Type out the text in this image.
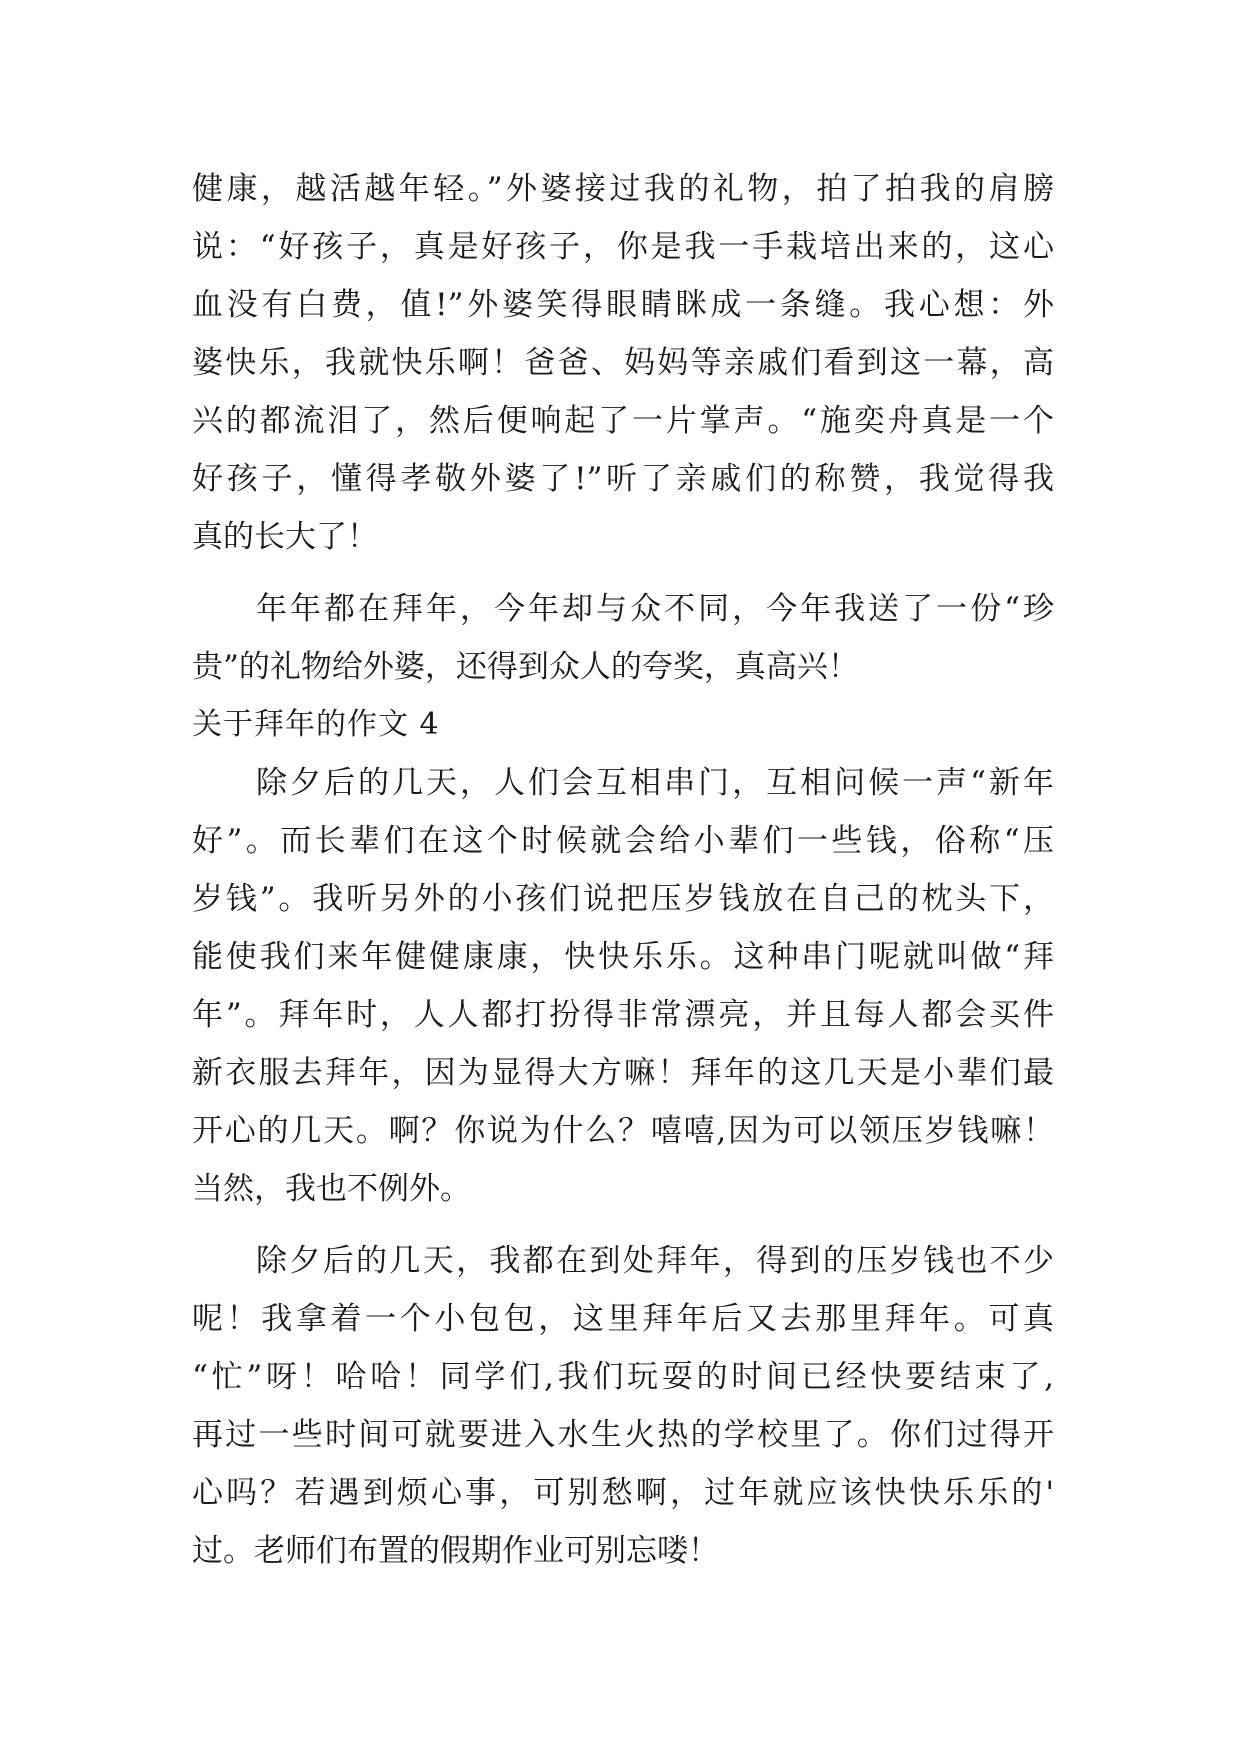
健康，越活越年轻。”外婆接过我的礼物，拍了拍我的肩膀
说：“好孩子，真是好孩子，你是我一手栽培出来的，这心
血没有白费，值!”外婆笑得眼睛眯成一条缝。我心想：外
婆快乐，我就快乐啊！爸爸、妈妈等亲戚们看到这一幕，高
兴的都流泪了，然后便响起了一片掌声。“施奕舟真是一个
好孩子，懂得孝敬外婆了!”听了亲戚们的称赞，我觉得我
真的长大了！
年年都在拜年，今年却与众不同，今年我送了一份“珍
贵”的礼物给外婆，还得到众人的夸奖，真高兴！
关于拜年的作文 4
除夕后的几天，人们会互相串门，互相问候一声“新年
好”。而长辈们在这个时候就会给小辈们一些钱，俗称“压
岁钱”。我听另外的小孩们说把压岁钱放在自己的枕头下，
能使我们来年健健康康，快快乐乐。这种串门呢就叫做“拜
年”。拜年时，人人都打扮得非常漂亮，并且每人都会买件
新衣服去拜年，因为显得大方嘛！拜年的这几天是小辈们最
开心的几天。啊？你说为什么？嘻嘻,因为可以领压岁钱嘛！
当然，我也不例外。
除夕后的几天，我都在到处拜年，得到的压岁钱也不少
呢！我拿着一个小包包，这里拜年后又去那里拜年。可真
“忙”呀！哈哈！同学们,我们玩耍的时间已经快要结束了,
再过一些时间可就要进入水生火热的学校里了。你们过得开
心吗？若遇到烦心事，可别愁啊，过年就应该快快乐乐的'
过。老师们布置的假期作业可别忘喽！
